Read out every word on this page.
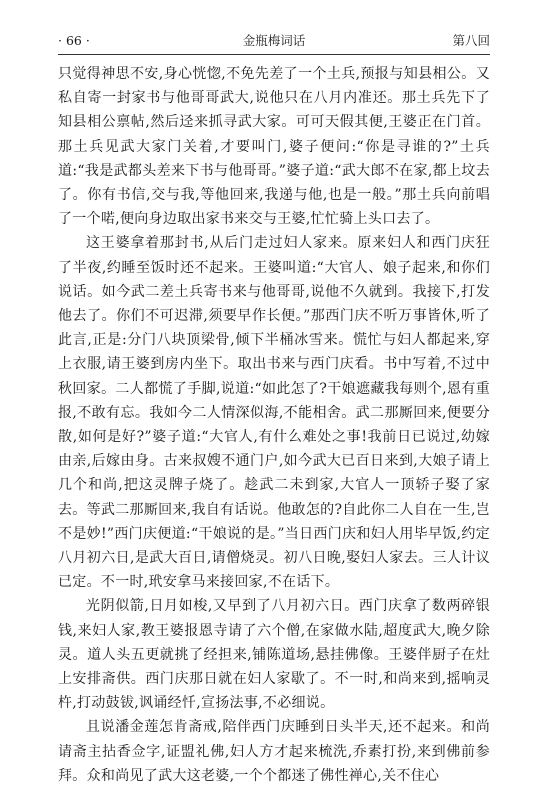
· 66 ·	金瓶梅词话	第八回

只觉得神思不安,身心恍惚,不免先差了一个土兵,预报与知县相公。又私自寄一封家书与他哥哥武大,说他只在八月内准还。那土兵先下了知县相公禀帖,然后迳来抓寻武大家。可可天假其便,王婆正在门首。那土兵见武大家门关着,才要叫门,婆子便问:“你是寻谁的?”土兵道:“我是武都头差来下书与他哥哥。”婆子道:“武大郎不在家,都上坟去了。你有书信,交与我,等他回来,我递与他,也是一般。”那土兵向前唱了一个喏,便向身边取出家书来交与王婆,忙忙骑上头口去了。

这王婆拿着那封书,从后门走过妇人家来。原来妇人和西门庆狂了半夜,约睡至饭时还不起来。王婆叫道:“大官人、娘子起来,和你们说话。如今武二差土兵寄书来与他哥哥,说他不久就到。我接下,打发他去了。你们不可迟滞,须要早作长便。”那西门庆不听万事皆休,听了此言,正是:分门八块顶梁骨,倾下半桶冰雪来。慌忙与妇人都起来,穿上衣服,请王婆到房内坐下。取出书来与西门庆看。书中写着,不过中秋回家。二人都慌了手脚,说道:“如此怎了?干娘遮藏我每则个,恩有重报,不敢有忘。我如今二人情深似海,不能相舍。武二那厮回来,便要分散,如何是好?”婆子道:“大官人,有什么难处之事!我前日已说过,幼嫁由亲,后嫁由身。古来叔嫂不通门户,如今武大已百日来到,大娘子请上几个和尚,把这灵牌子烧了。趁武二未到家,大官人一顶轿子娶了家去。等武二那厮回来,我自有话说。他敢怎的?自此你二人自在一生,岂不是妙!”西门庆便道:“干娘说的是。”当日西门庆和妇人用毕早饭,约定八月初六日,是武大百日,请僧烧灵。初八日晚,娶妇人家去。三人计议已定。不一时,玳安拿马来接回家,不在话下。

光阴似箭,日月如梭,又早到了八月初六日。西门庆拿了数两碎银钱,来妇人家,教王婆报恩寺请了六个僧,在家做水陆,超度武大,晚夕除灵。道人头五更就挑了经担来,铺陈道场,悬挂佛像。王婆伴厨子在灶上安排斋供。西门庆那日就在妇人家歇了。不一时,和尚来到,摇响灵杵,打动鼓钹,讽诵经忏,宣扬法事,不必细说。

且说潘金莲怎肯斋戒,陪伴西门庆睡到日头半天,还不起来。和尚请斋主拈香佥字,证盟礼佛,妇人方才起来梳洗,乔素打扮,来到佛前参拜。众和尚见了武大这老婆,一个个都迷了佛性禅心,关不住心
